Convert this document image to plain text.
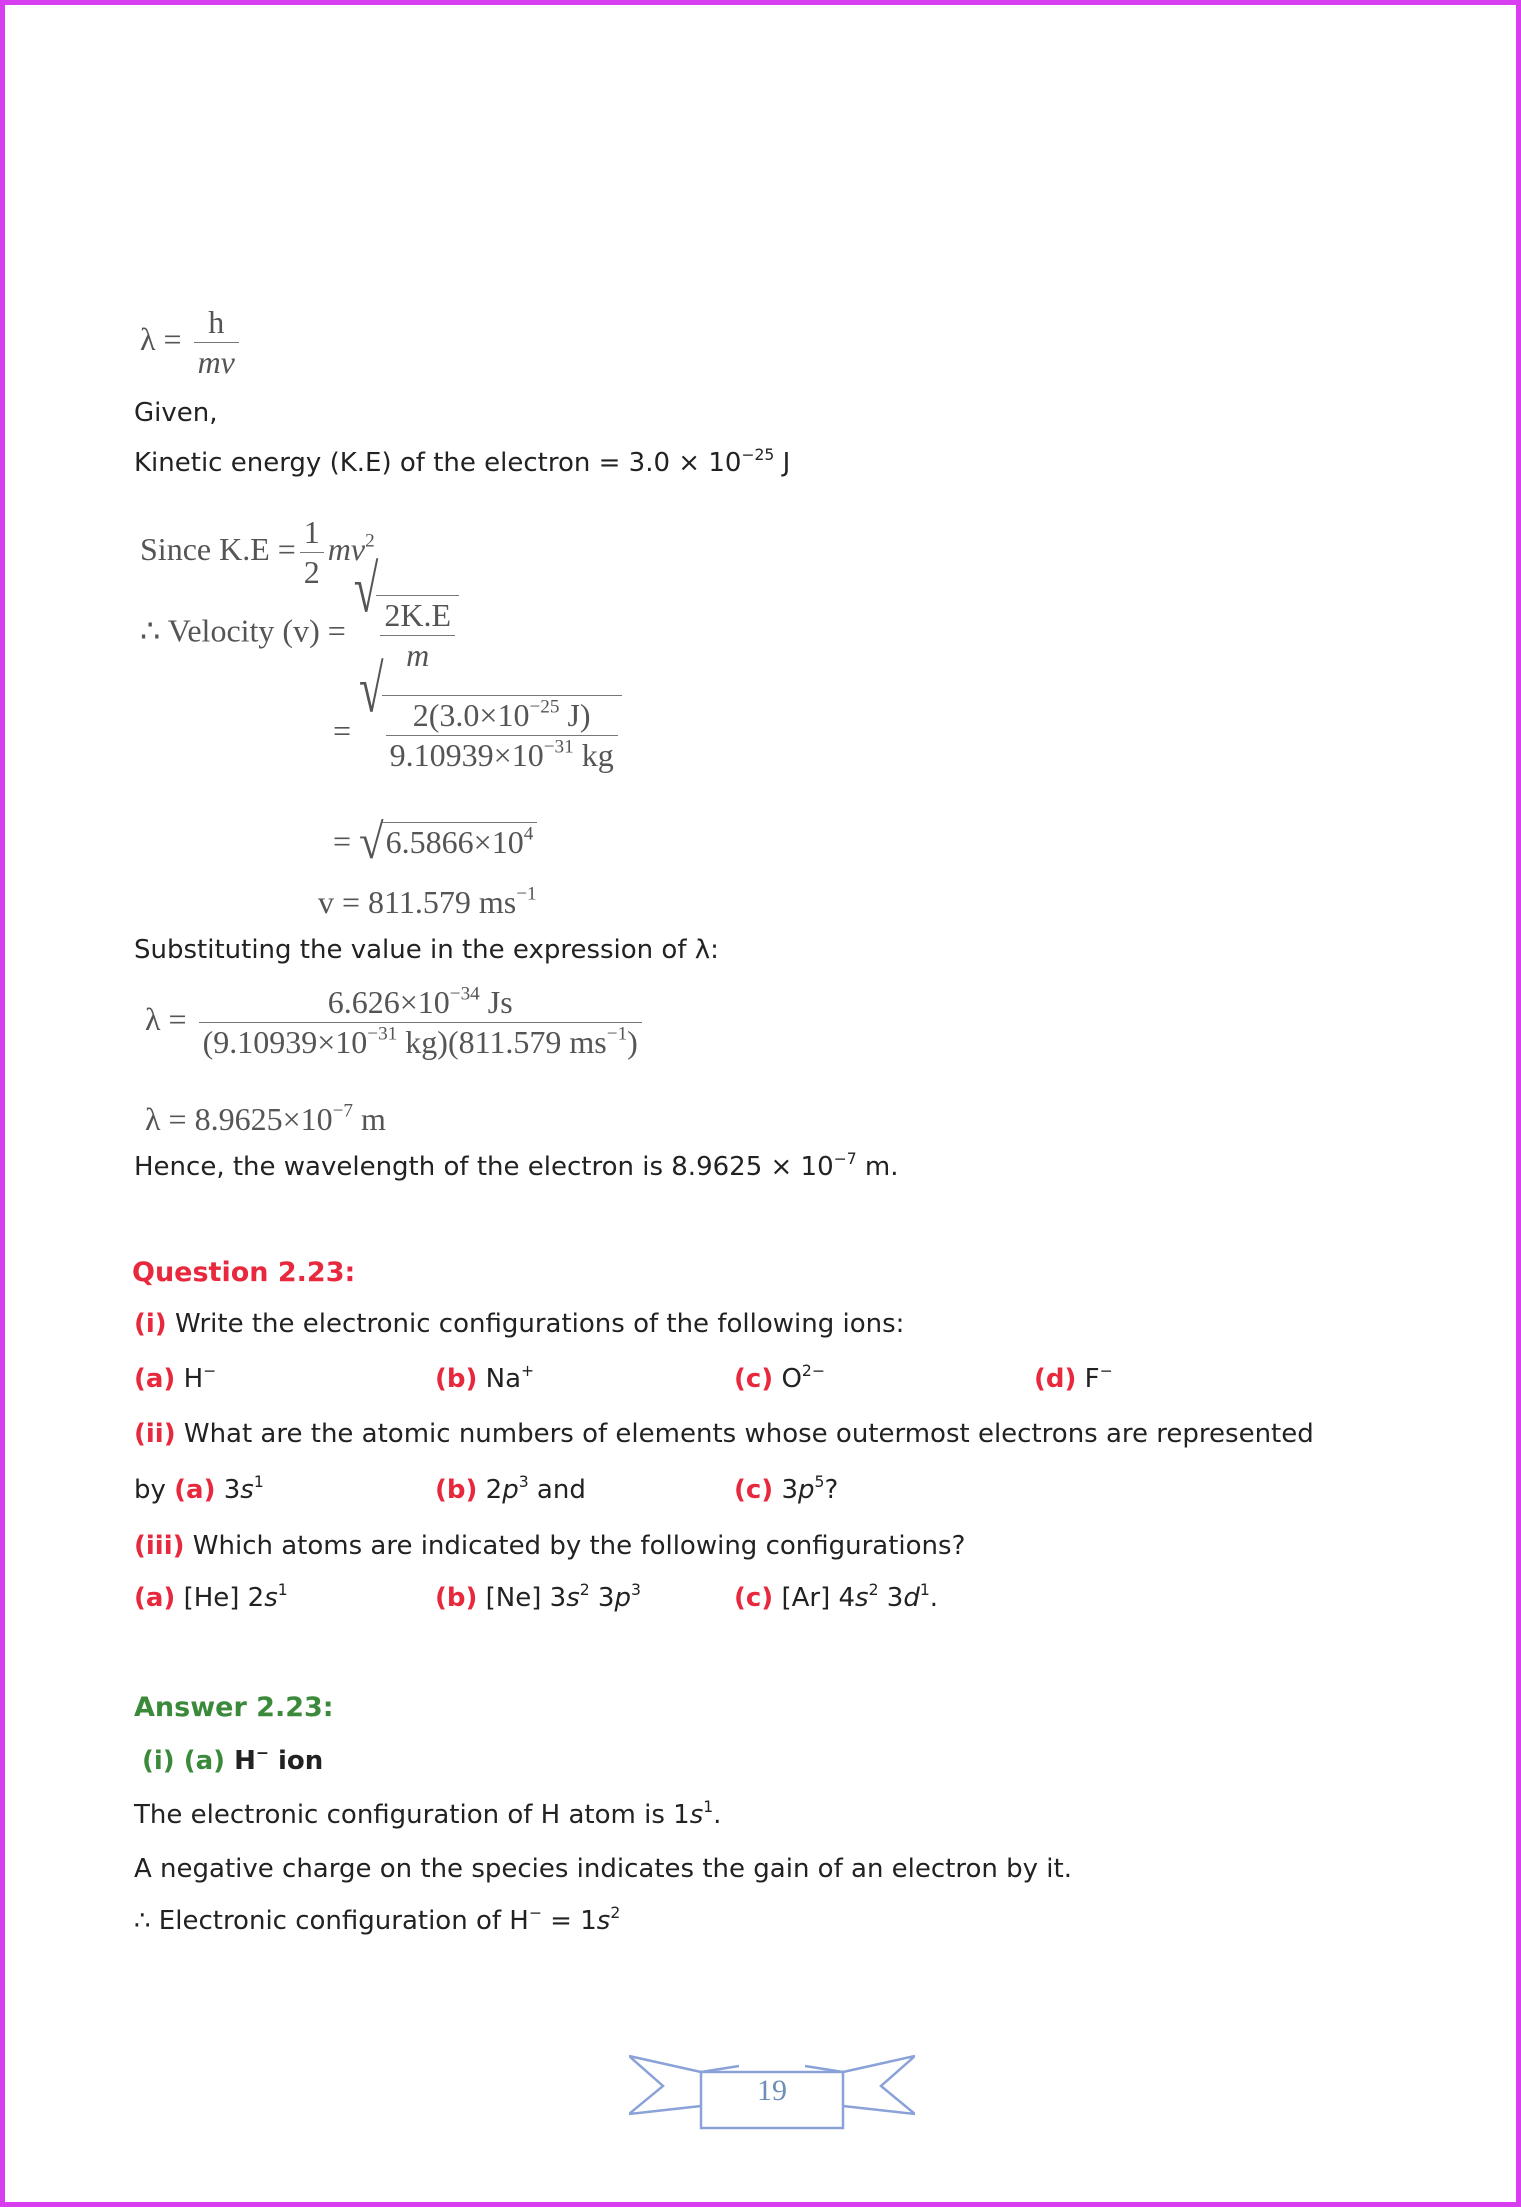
$\lambda = \frac{h}{mv}$
Given,
Kinetic energy (K.E) of the electron = $3.0 \times 10^{-25}$ J
Since $K.E = \frac{1}{2} mv^2$
∴ Velocity (v) =
√
$\frac{2K.E}{m}$
=
√
$\frac{2(3.0\times 10^{-25} J)}{9.10939\times 10^{-31} kg}$
= √ $6.5866\times 10^4$
v = 811.579 $ms^{-1}$
Substituting the value in the expression of λ:
$\lambda = \frac{6.626\times 10^{-34} Js}{(9.10939\times 10^{-31} kg)(811.579 ms^{-1})}$
$\lambda = 8.9625\times 10^{-7}$ m
Hence, the wavelength of the electron is $8.9625 \times 10^{-7}$ m.
Question 2.23:
(i) Write the electronic configurations of the following ions:
(a) H−	(b) Na+	(c) $O^{2-}$	(d) F−
(ii) What are the atomic numbers of elements whose outermost electrons are represented
by (a) $3s^1$	(b) $2p^3$ and	(c) $3p^5$?
(iii) Which atoms are indicated by the following configurations?
(a) [He] $2s^1$	(b) [Ne] $3s^2$ $3p^3$	(c) [Ar] $4s^2$ $3d^1$.
Answer 2.23:
(i) (a) H− ion
The electronic configuration of H atom is $1s^1$.
A negative charge on the species indicates the gain of an electron by it.
∴ Electronic configuration of $H^- = 1s^2$
19
